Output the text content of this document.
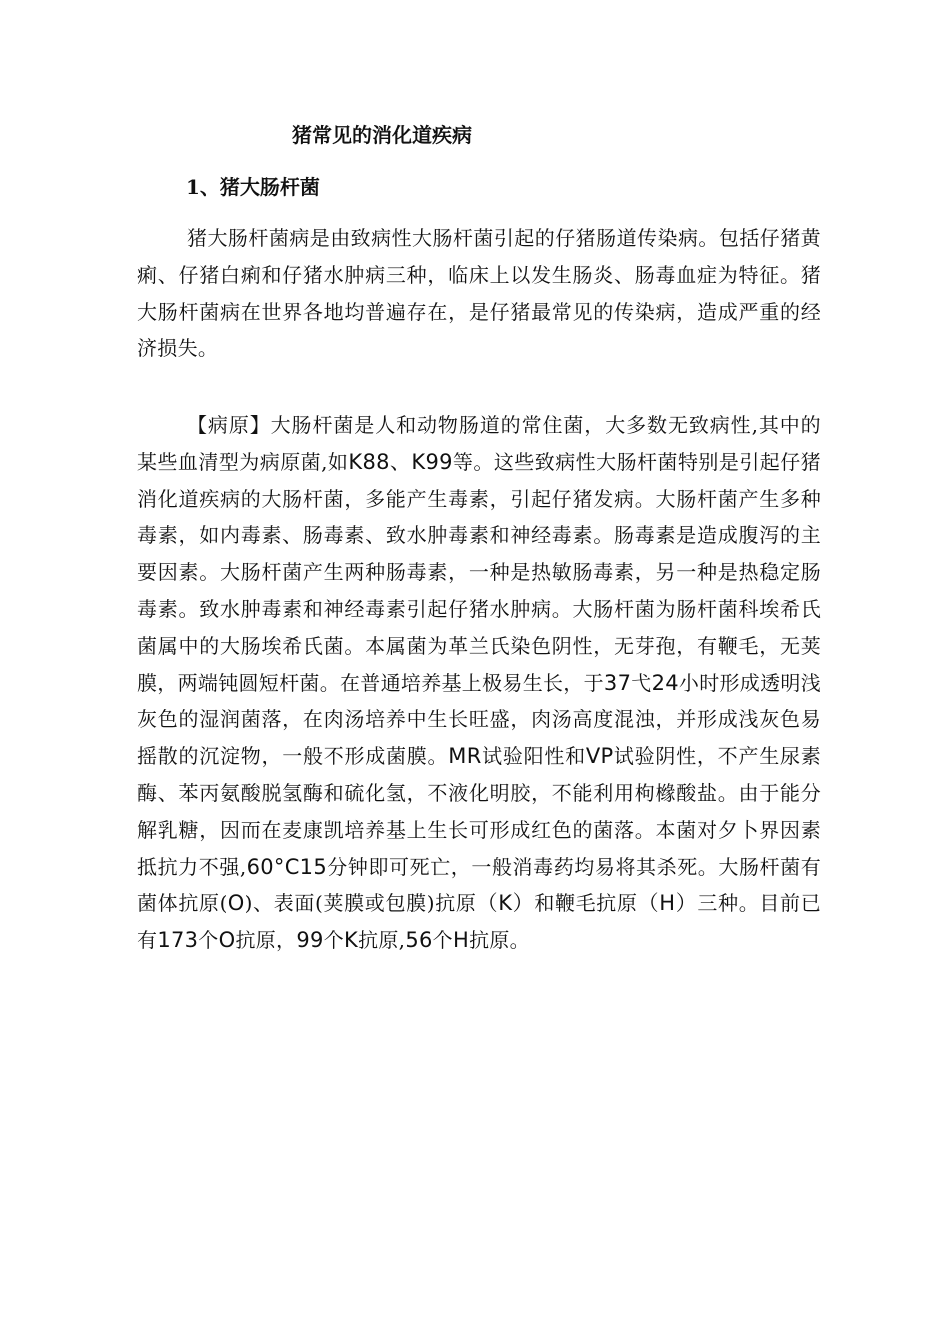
猪常见的消化道疾病
1、猪大肠杆菌

猪大肠杆菌病是由致病性大肠杆菌引起的仔猪肠道传染病。包括仔猪黄痢、仔猪白痢和仔猪水肿病三种，临床上以发生肠炎、肠毒血症为特征。猪大肠杆菌病在世界各地均普遍存在，是仔猪最常见的传染病，造成严重的经济损失。

【病原】大肠杆菌是人和动物肠道的常住菌，大多数无致病性,其中的某些血清型为病原菌,如K88、K99等。这些致病性大肠杆菌特别是引起仔猪消化道疾病的大肠杆菌，多能产生毒素，引起仔猪发病。大肠杆菌产生多种毒素，如内毒素、肠毒素、致水肿毒素和神经毒素。肠毒素是造成腹泻的主要因素。大肠杆菌产生两种肠毒素，一种是热敏肠毒素，另一种是热稳定肠毒素。致水肿毒素和神经毒素引起仔猪水肿病。大肠杆菌为肠杆菌科埃希氏菌属中的大肠埃希氏菌。本属菌为革兰氏染色阴性，无芽孢，有鞭毛，无荚膜，两端钝圆短杆菌。在普通培养基上极易生长，于37弋24小时形成透明浅灰色的湿润菌落，在肉汤培养中生长旺盛，肉汤高度混浊，并形成浅灰色易摇散的沉淀物，一般不形成菌膜。MR试验阳性和VP试验阴性，不产生尿素酶、苯丙氨酸脱氢酶和硫化氢，不液化明胶，不能利用枸橼酸盐。由于能分解乳糖，因而在麦康凯培养基上生长可形成红色的菌落。本菌对夕卜界因素抵抗力不强,60°C15分钟即可死亡，一般消毒药均易将其杀死。大肠杆菌有菌体抗原(O)、表面(荚膜或包膜)抗原（K）和鞭毛抗原（H）三种。目前已有173个O抗原，99个K抗原,56个H抗原。
